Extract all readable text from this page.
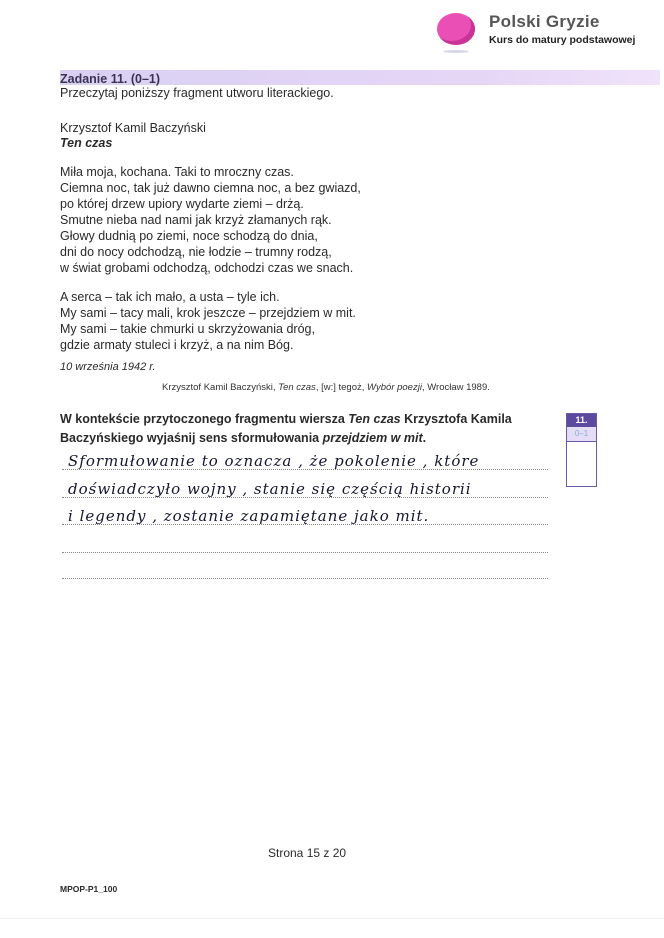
Polski Gryzie
Kurs do matury podstawowej
Zadanie 11. (0–1)
Przeczytaj poniższy fragment utworu literackiego.
Krzysztof Kamil Baczyński
Ten czas
Miła moja, kochana. Taki to mroczny czas.
Ciemna noc, tak już dawno ciemna noc, a bez gwiazd,
po której drzew upiory wydarte ziemi – drżą.
Smutne nieba nad nami jak krzyż złamanych rąk.
Głowy dudnią po ziemi, noce schodzą do dnia,
dni do nocy odchodzą, nie łodzie – trumny rodzą,
w świat grobami odchodzą, odchodzi czas we snach.
A serca – tak ich mało, a usta – tyle ich.
My sami – tacy mali, krok jeszcze – przejdziem w mit.
My sami – takie chmurki u skrzyżowania dróg,
gdzie armaty stuleci i krzyż, a na nim Bóg.
10 września 1942 r.
Krzysztof Kamil Baczyński, Ten czas, [w:] tegoż, Wybór poezji, Wrocław 1989.
W kontekście przytoczonego fragmentu wiersza Ten czas Krzysztofa Kamila Baczyńskiego wyjaśnij sens sformułowania przejdziem w mit.
11.
0–1
Sformułowanie to oznacza , że pokolenie , które
doświadczyło wojny , stanie się częścią historii
i legendy , zostanie zapamiętane jako mit.
Strona 15 z 20
MPOP-P1_100
